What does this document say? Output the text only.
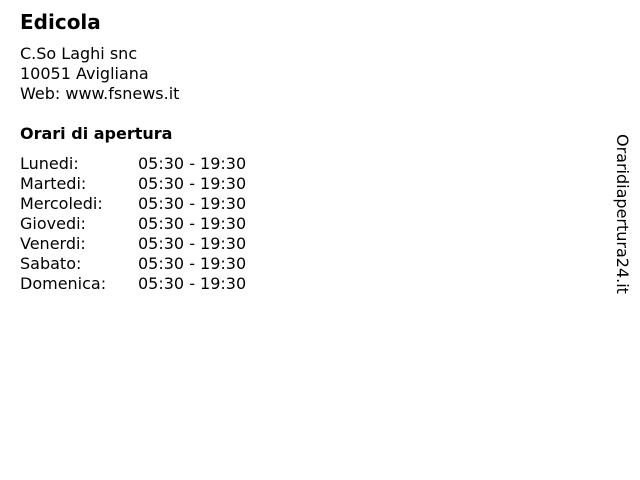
Edicola
C.So Laghi snc
10051 Avigliana
Web: www.fsnews.it
Orari di apertura
Lunedi:	05:30 - 19:30
Martedi:	05:30 - 19:30
Mercoledi:	05:30 - 19:30
Giovedi:	05:30 - 19:30
Venerdi:	05:30 - 19:30
Sabato:	05:30 - 19:30
Domenica:	05:30 - 19:30	Oraridiapertura24.it
